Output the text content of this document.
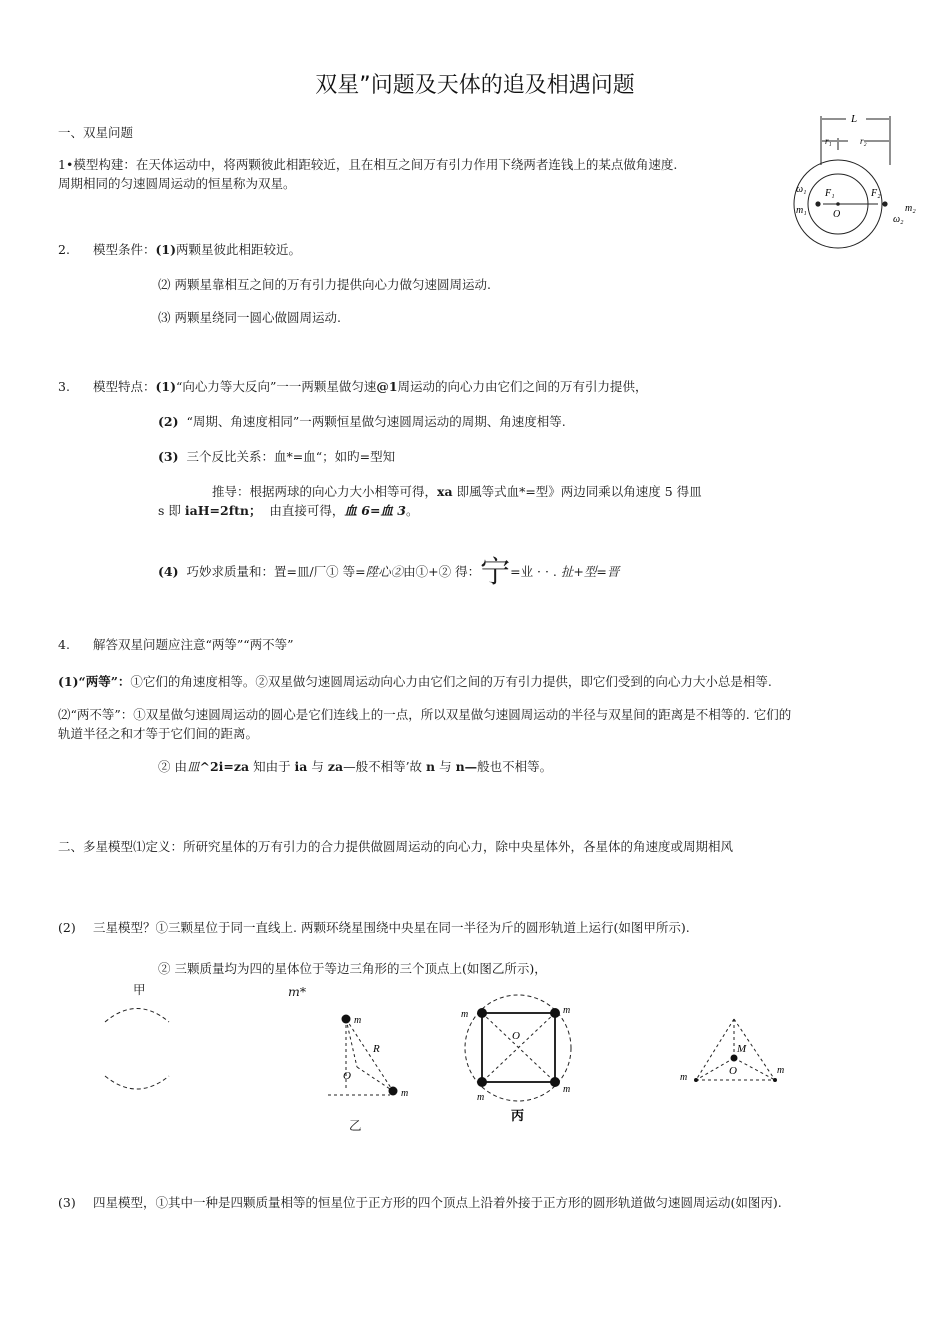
双星”问题及天体的追及相遇问题
一、双星问题
1•模型构建：在天体运动中，将两颗彼此相距较近，且在相互之间万有引力作用下绕两者连钱上的某点做角速度.
周期相同的匀速圆周运动的恒星称为双星。
2. 模型条件：(1)两颗星彼此相距较近。
⑵ 两颗星靠相互之间的万有引力提供向心力做匀速圆周运动.
⑶ 两颗星绕同一圆心做圆周运动.
3. 模型特点：(1)“向心力等大反向”一一两颗星做匀速@1周运动的向心力由它们之间的万有引力提供，
(2) “周期、角速度相同”一两颗恒星做匀速圆周运动的周期、角速度相等.
(3) 三个反比关系：血*=血“；如旳=型知
推导：根据两球的向心力大小相等可得，xa 即風等式血*=型》两边同乘以角速度 5 得皿
s 即 iaH=2ftn； 由直接可得，血 6=血 3。
(4) 巧妙求质量和：置=皿/厂① 等=陞心②由①+② 得：宁=业 · · . 扯+型=晋
4. 解答双星问题应注意“两等”“两不等”
(1)“两等”：①它们的角速度相等。②双星做匀速圆周运动向心力由它们之间的万有引力提供，即它们受到的向心力大小总是相等.
⑵“两不等”：①双星做匀速圆周运动的圆心是它们连线上的一点，所以双星做匀速圆周运动的半径与双星间的距离是不相等的. 它们的
轨道半径之和才等于它们间的距离。
② 由皿^2i=za 知由于 ia 与 za—般不相等’故 n 与 n—般也不相等。
二、多星模型⑴定义：所研究星体的万有引力的合力提供做圆周运动的向心力，除中央星体外，各星体的角速度或周期相风
(2) 三星模型？①三颗星位于同一直线上. 两颗环绕星围绕中央星在同一半径为斤的圆形轨道上运行(如图甲所示).
② 三颗质量均为四的星体位于等边三角形的三个顶点上(如图乙所示)，
(3) 四星模型，①其中一种是四颗质量相等的恒星位于正方形的四个顶点上沿着外接于正方形的圆形轨道做匀速圆周运动(如图丙).
L
r₁	r₂
ω₁
m₁
F₁
O
F₂
m₂
ω₂
甲	m*
m
R
O
m
乙
m	m
O
m
m
丙
M
O
m
m
